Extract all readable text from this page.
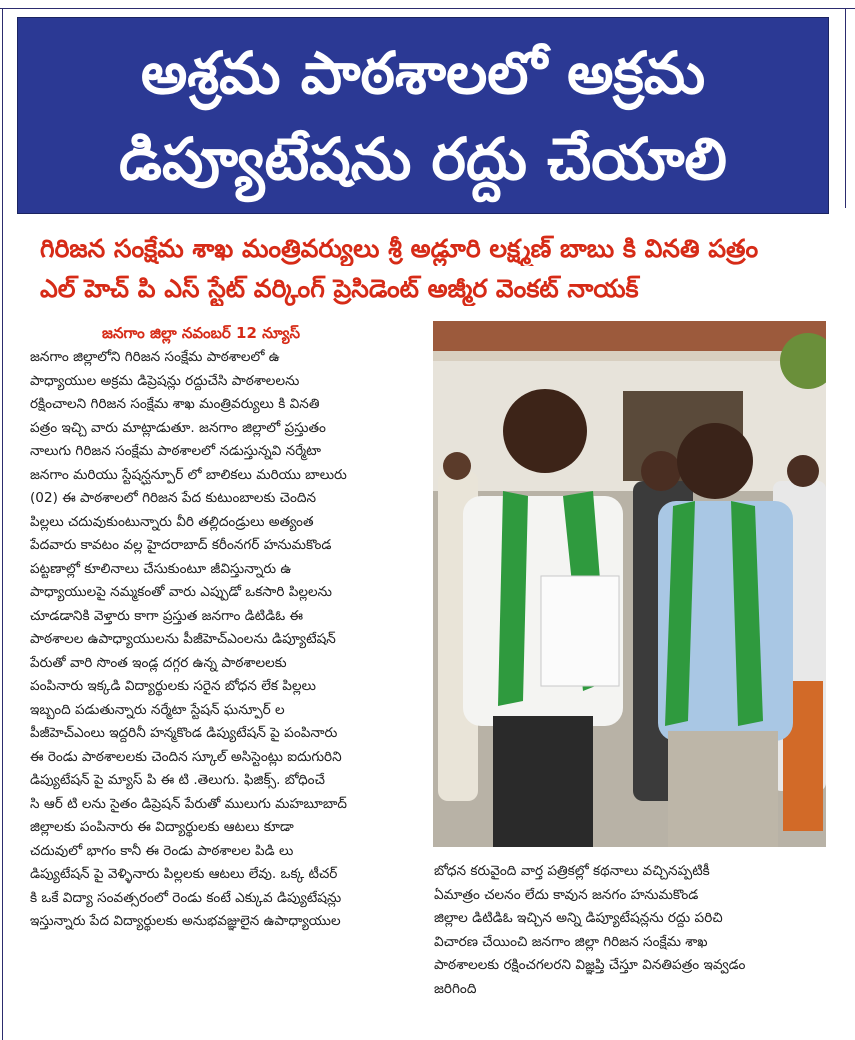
అశ్రమ పాఠశాలలో అక్రమ
డిప్యూటేషను రద్దు చేయాలి
గిరిజన సంక్షేమ శాఖ మంత్రివర్యులు శ్రీ అడ్లూరి లక్ష్మణ్ బాబు కి వినతి పత్రం
ఎల్ హెచ్ పి ఎస్ స్టేట్ వర్కింగ్ ప్రెసిడెంట్ అజ్మీర వెంకట్ నాయక్
జనగాం జిల్లా నవంబర్ 12 న్యూస్

జనగాం జిల్లాలోని గిరిజన సంక్షేమ పాఠశాలలో ఉ

పాధ్యాయుల అక్రమ డిప్రెషన్లు రద్దుచేసి పాఠశాలలను

రక్షించాలని గిరిజన సంక్షేమ శాఖ మంత్రివర్యులు కి వినతి

పత్రం ఇచ్చి వారు మాట్లాడుతూ. జనగాం జిల్లాలో ప్రస్తుతం

నాలుగు గిరిజన సంక్షేమ పాఠశాలలో నడుస్తున్నవి నర్మేటా

జనగాం మరియు స్టేషన్ఘన్పూర్ లో బాలికలు మరియు బాలురు

(02) ఈ పాఠశాలలో గిరిజన పేద కుటుంబాలకు చెందిన

పిల్లలు చదువుకుంటున్నారు వీరి తల్లిదండ్రులు అత్యంత

పేదవారు కావటం వల్ల హైదరాబాద్ కరీంనగర్ హనుమకొండ

పట్టణాల్లో కూలినాలు చేసుకుంటూ జీవిస్తున్నారు ఉ

పాధ్యాయులపై నమ్మకంతో వారు ఎప్పుడో ఒకసారి పిల్లలను

చూడడానికి వెళ్తారు కాగా ప్రస్తుత జనగాం డిటిడిఓ ఈ

పాఠశాలల ఉపాధ్యాయులను పీజీహెచ్ఎంలను డిప్యూటేషన్

పేరుతో వారి సొంత ఇండ్ల దగ్గర ఉన్న పాఠశాలలకు

పంపినారు ఇక్కడి విద్యార్థులకు సరైన బోధన లేక పిల్లలు

ఇబ్బంది పడుతున్నారు నర్మేటా స్టేషన్ ఘన్పూర్ ల

పీజీహెచ్ఎంలు ఇద్దరినీ హన్మకొండ డిప్యుటేషన్ పై పంపినారు

ఈ రెండు పాఠశాలలకు చెందిన స్కూల్ అసిస్టెంట్లు ఐదుగురిని

డిప్యుటేషన్ పై మ్యాస్ పి ఈ టి .తెలుగు. ఫిజిక్స్. బోధించే

సి ఆర్ టి లను సైతం డిప్రెషన్ పేరుతో ములుగు మహబూబాద్

జిల్లాలకు పంపినారు ఈ విద్యార్థులకు ఆటలు కూడా

చదువులో భాగం కానీ ఈ రెండు పాఠశాలల పిడి లు

డిప్యుటేషన్ పై వెళ్ళినారు పిల్లలకు ఆటలు లేవు. ఒక్క టీచర్

కి ఒకే విద్యా సంవత్సరంలో రెండు కంటే ఎక్కువ డిప్యుటేషన్లు

ఇస్తున్నారు పేద విద్యార్థులకు అనుభవజ్ఞులైన ఉపాధ్యాయుల

బోధన కరువైంది వార్త పత్రికల్లో కథనాలు వచ్చినప్పటికీ

ఏమాత్రం చలనం లేదు కావున జనగం హనుమకొండ

జిల్లాల డిటిడిఓ ఇచ్చిన అన్ని డిప్యూటేషన్లను రద్దు పరిచి

విచారణ చేయించి జనగాం జిల్లా గిరిజన సంక్షేమ శాఖ

పాఠశాలలకు రక్షించగలరని విజ్ఞప్తి చేస్తూ వినతిపత్రం ఇవ్వడం

జరిగింది
